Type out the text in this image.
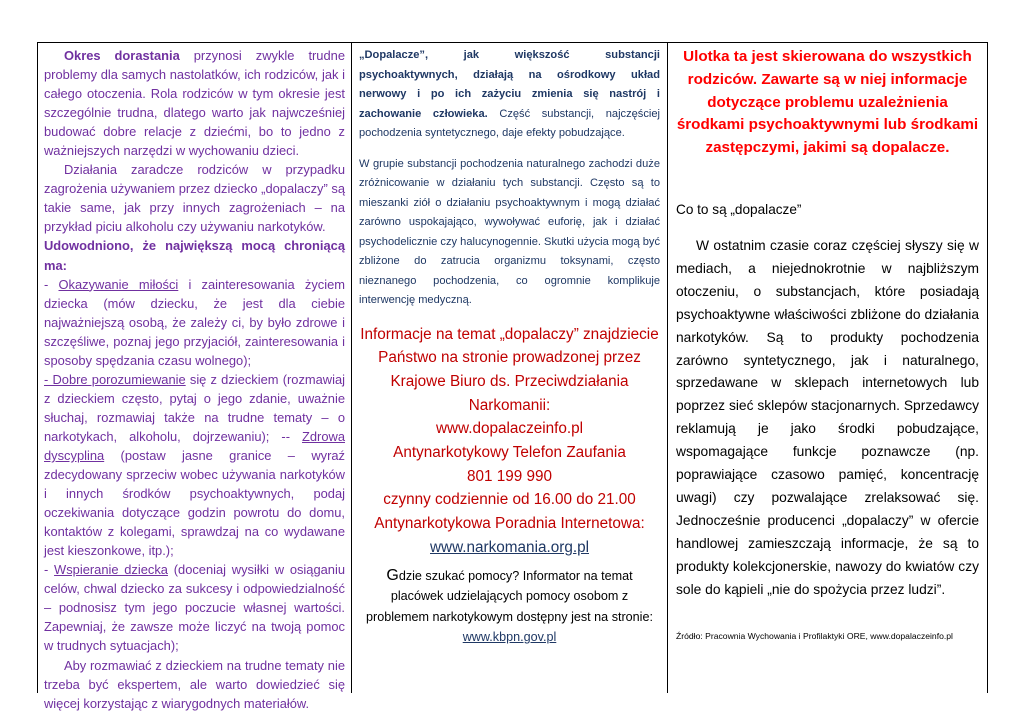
Okres dorastania przynosi zwykle trudne problemy dla samych nastolatków, ich rodziców, jak i całego otoczenia. Rola rodziców w tym okresie jest szczególnie trudna, dlatego warto jak najwcześniej budować dobre relacje z dziećmi, bo to jedno z ważniejszych narzędzi w wychowaniu dzieci.

Działania zaradcze rodziców w przypadku zagrożenia używaniem przez dziecko „dopalaczy” są takie same, jak przy innych zagrożeniach – na przykład piciu alkoholu czy używaniu narkotyków.

Udowodniono, że największą mocą chroniącą ma:

- Okazywanie miłości i zainteresowania życiem dziecka (mów dziecku, że jest dla ciebie najważniejszą osobą, że zależy ci, by było zdrowe i szczęśliwe, poznaj jego przyjaciół, zainteresowania i sposoby spędzania czasu wolnego);

- Dobre porozumiewanie się z dzieckiem (rozmawiaj z dzieckiem często, pytaj o jego zdanie, uważnie słuchaj, rozmawiaj także na trudne tematy – o narkotykach, alkoholu, dojrzewaniu); -- Zdrowa dyscyplina (postaw jasne granice – wyraź zdecydowany sprzeciw wobec używania narkotyków i innych środków psychoaktywnych, podaj oczekiwania dotyczące godzin powrotu do domu, kontaktów z kolegami, sprawdzaj na co wydawane jest kieszonkowe, itp.);

- Wspieranie dziecka (doceniaj wysiłki w osiąganiu celów, chwal dziecko za sukcesy i odpowiedzialność – podnosisz tym jego poczucie własnej wartości. Zapewniaj, że zawsze może liczyć na twoją pomoc w trudnych sytuacjach);

Aby rozmawiać z dzieckiem na trudne tematy nie trzeba być ekspertem, ale warto dowiedzieć się więcej korzystając z wiarygodnych materiałów.

„Dopalacze”, jak większość substancji psychoaktywnych, działają na ośrodkowy układ nerwowy i po ich zażyciu zmienia się nastrój i zachowanie człowieka. Część substancji, najczęściej pochodzenia syntetycznego, daje efekty pobudzające.

W grupie substancji pochodzenia naturalnego zachodzi duże zróżnicowanie w działaniu tych substancji. Często są to mieszanki ziół o działaniu psychoaktywnym i mogą działać zarówno uspokajająco, wywoływać euforię, jak i działać psychodelicznie czy halucynogennie. Skutki użycia mogą być zbliżone do zatrucia organizmu toksynami, często nieznanego pochodzenia, co ogromnie komplikuje interwencję medyczną.

Informacje na temat „dopalaczy” znajdziecie Państwo na stronie prowadzonej przez Krajowe Biuro ds. Przeciwdziałania Narkomanii:
www.dopalaczeinfo.pl
Antynarkotykowy Telefon Zaufania
801 199 990
czynny codziennie od 16.00 do 21.00
Antynarkotykowa Poradnia Internetowa:
www.narkomania.org.pl

Gdzie szukać pomocy? Informator na temat placówek udzielających pomocy osobom z problemem narkotykowym dostępny jest na stronie: www.kbpn.gov.pl

Ulotka ta jest skierowana do wszystkich rodziców. Zawarte są w niej informacje dotyczące problemu uzależnienia środkami psychoaktywnymi lub środkami zastępczymi, jakimi są dopalacze.

Co to są „dopalacze”

W ostatnim czasie coraz częściej słyszy się w mediach, a niejednokrotnie w najbliższym otoczeniu, o substancjach, które posiadają psychoaktywne właściwości zbliżone do działania narkotyków. Są to produkty pochodzenia zarówno syntetycznego, jak i naturalnego, sprzedawane w sklepach internetowych lub poprzez sieć sklepów stacjonarnych. Sprzedawcy reklamują je jako środki pobudzające, wspomagające funkcje poznawcze (np. poprawiające czasowo pamięć, koncentrację uwagi) czy pozwalające zrelaksować się. Jednocześnie producenci „dopalaczy” w ofercie handlowej zamieszczają informacje, że są to produkty kolekcjonerskie, nawozy do kwiatów czy sole do kąpieli „nie do spożycia przez ludzi”.

Źródło: Pracownia Wychowania i Profilaktyki ORE, www.dopalaczeinfo.pl
